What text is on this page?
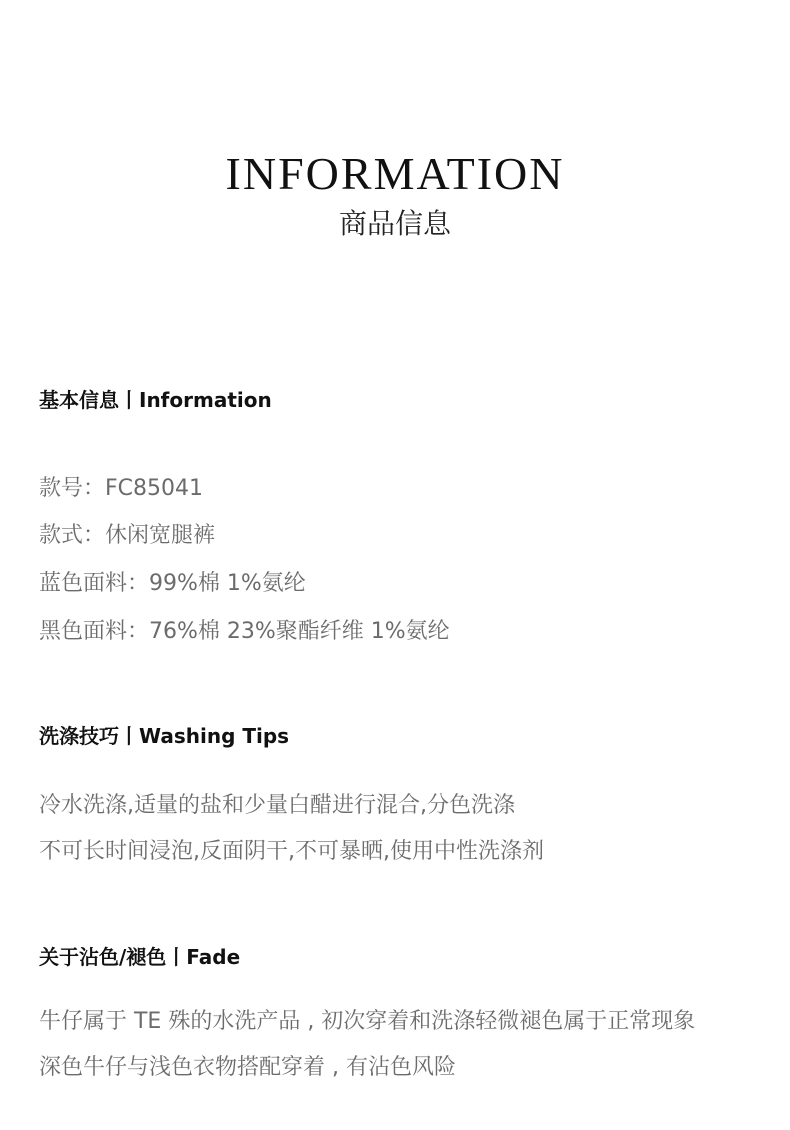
INFORMATION
商品信息
基本信息丨Information
款号：FC85041
款式：休闲宽腿裤
蓝色面料：99%棉 1%氨纶
黑色面料：76%棉 23%聚酯纤维 1%氨纶
洗涤技巧丨Washing Tips
冷水洗涤,适量的盐和少量白醋进行混合,分色洗涤
不可长时间浸泡,反面阴干,不可暴晒,使用中性洗涤剂
关于沾色/褪色丨Fade
牛仔属于 TE 殊的水洗产品 , 初次穿着和洗涤轻微褪色属于正常现象
深色牛仔与浅色衣物搭配穿着 , 有沾色风险
